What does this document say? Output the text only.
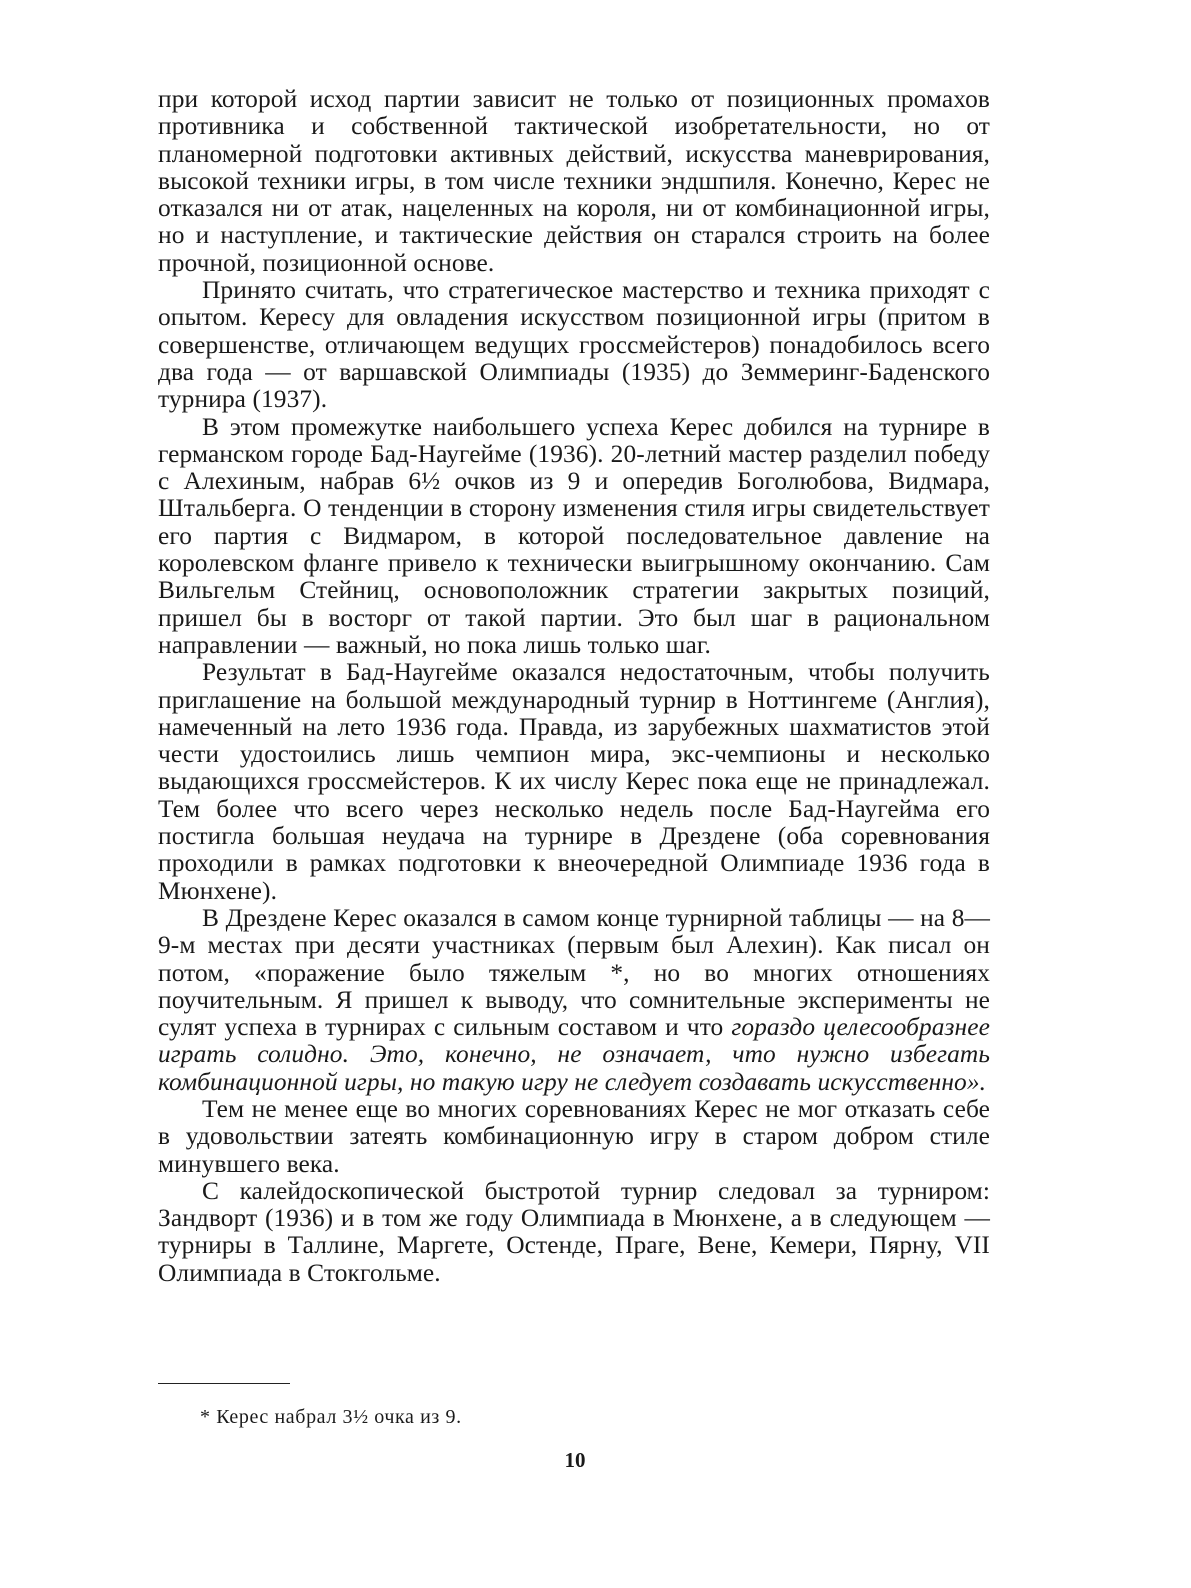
при которой исход партии зависит не только от позиционных промахов противника и собственной тактической изобретательности, но от планомерной подготовки активных действий, искусства маневрирования, высокой техники игры, в том числе техники эндшпиля. Конечно, Керес не отказался ни от атак, нацеленных на короля, ни от комбинационной игры, но и наступление, и тактические действия он старался строить на более прочной, позиционной основе.

Принято считать, что стратегическое мастерство и техника приходят с опытом. Кересу для овладения искусством позиционной игры (притом в совершенстве, отличающем ведущих гроссмейстеров) понадобилось всего два года — от варшавской Олимпиады (1935) до Земмеринг-Баденского турнира (1937).

В этом промежутке наибольшего успеха Керес добился на турнире в германском городе Бад-Наугейме (1936). 20-летний мастер разделил победу с Алехиным, набрав 6½ очков из 9 и опередив Боголюбова, Видмара, Штальберга. О тенденции в сторону изменения стиля игры свидетельствует его партия с Видмаром, в которой последовательное давление на королевском фланге привело к технически выигрышному окончанию. Сам Вильгельм Стейниц, основоположник стратегии закрытых позиций, пришел бы в восторг от такой партии. Это был шаг в рациональном направлении — важный, но пока лишь только шаг.

Результат в Бад-Наугейме оказался недостаточным, чтобы получить приглашение на большой международный турнир в Ноттингеме (Англия), намеченный на лето 1936 года. Правда, из зарубежных шахматистов этой чести удостоились лишь чемпион мира, экс-чемпионы и несколько выдающихся гроссмейстеров. К их числу Керес пока еще не принадлежал. Тем более что всего через несколько недель после Бад-Наугейма его постигла большая неудача на турнире в Дрездене (оба соревнования проходили в рамках подготовки к внеочередной Олимпиаде 1936 года в Мюнхене).

В Дрездене Керес оказался в самом конце турнирной таблицы — на 8—9-м местах при десяти участниках (первым был Алехин). Как писал он потом, «поражение было тяжелым *, но во многих отношениях поучительным. Я пришел к выводу, что сомнительные эксперименты не сулят успеха в турнирах с сильным составом и что гораздо целесообразнее играть солидно. Это, конечно, не означает, что нужно избегать комбинационной игры, но такую игру не следует создавать искусственно».

Тем не менее еще во многих соревнованиях Керес не мог отказать себе в удовольствии затеять комбинационную игру в старом добром стиле минувшего века.

С калейдоскопической быстротой турнир следовал за турниром: Зандворт (1936) и в том же году Олимпиада в Мюнхене, а в следующем — турниры в Таллине, Маргете, Остенде, Праге, Вене, Кемери, Пярну, VII Олимпиада в Стокгольме.

* Керес набрал 3½ очка из 9.
10
